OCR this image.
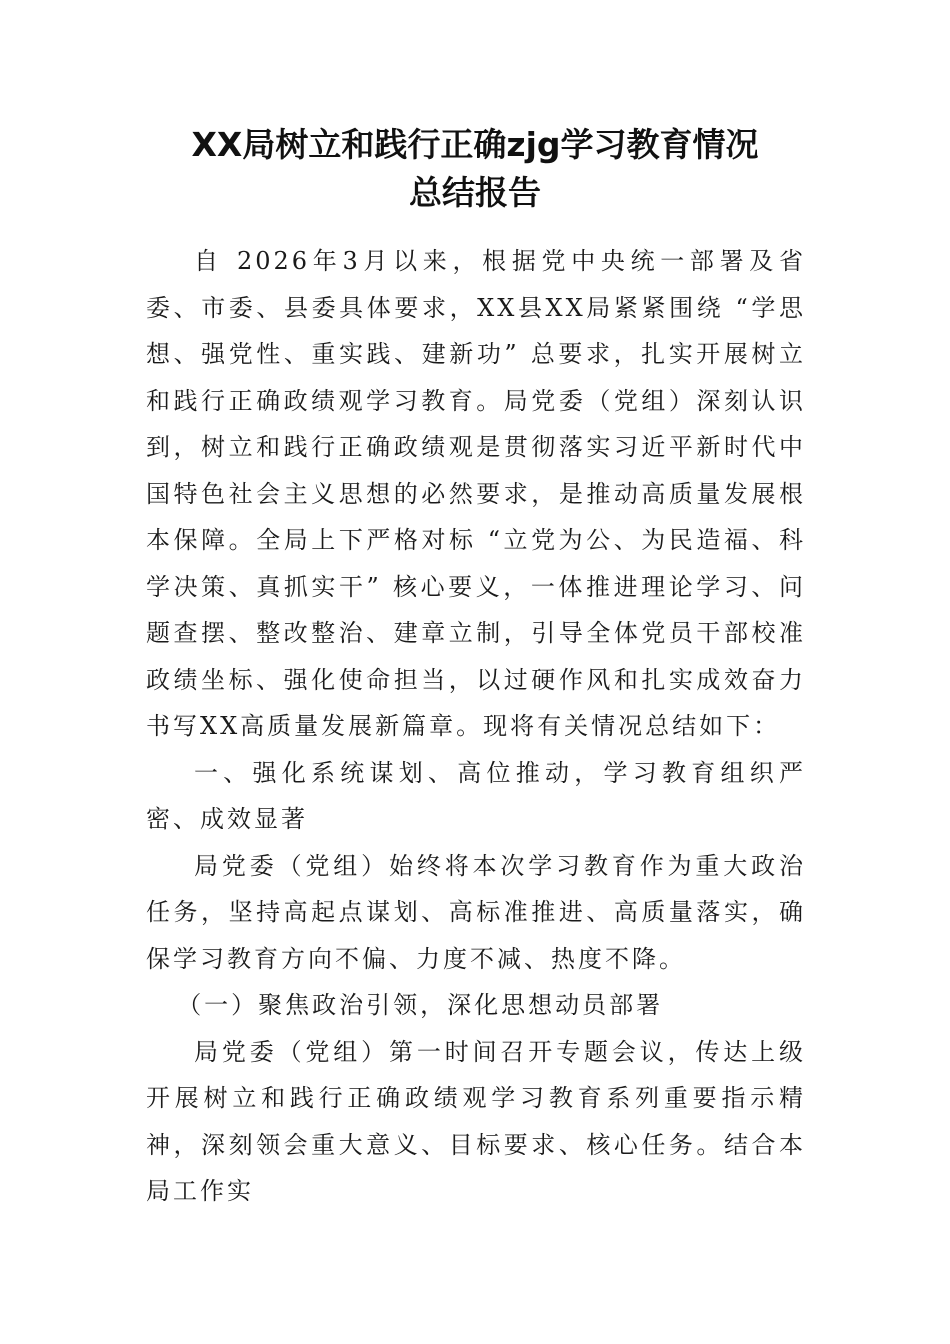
XX局树立和践行正确zjg学习教育情况
总结报告

自 2026年3月以来，根据党中央统一部署及省委、市委、县委具体要求，XX县XX局紧紧围绕 “学思想、强党性、重实践、建新功” 总要求，扎实开展树立和践行正确政绩观学习教育。局党委（党组）深刻认识到，树立和践行正确政绩观是贯彻落实习近平新时代中国特色社会主义思想的必然要求，是推动高质量发展根本保障。全局上下严格对标 “立党为公、为民造福、科学决策、真抓实干” 核心要义，一体推进理论学习、问题查摆、整改整治、建章立制，引导全体党员干部校准政绩坐标、强化使命担当，以过硬作风和扎实成效奋力书写XX高质量发展新篇章。现将有关情况总结如下：

一、强化系统谋划、高位推动，学习教育组织严密、成效显著

局党委（党组）始终将本次学习教育作为重大政治任务，坚持高起点谋划、高标准推进、高质量落实，确保学习教育方向不偏、力度不减、热度不降。

（一）聚焦政治引领，深化思想动员部署

局党委（党组）第一时间召开专题会议，传达上级开展树立和践行正确政绩观学习教育系列重要指示精神，深刻领会重大意义、目标要求、核心任务。结合本局工作实
